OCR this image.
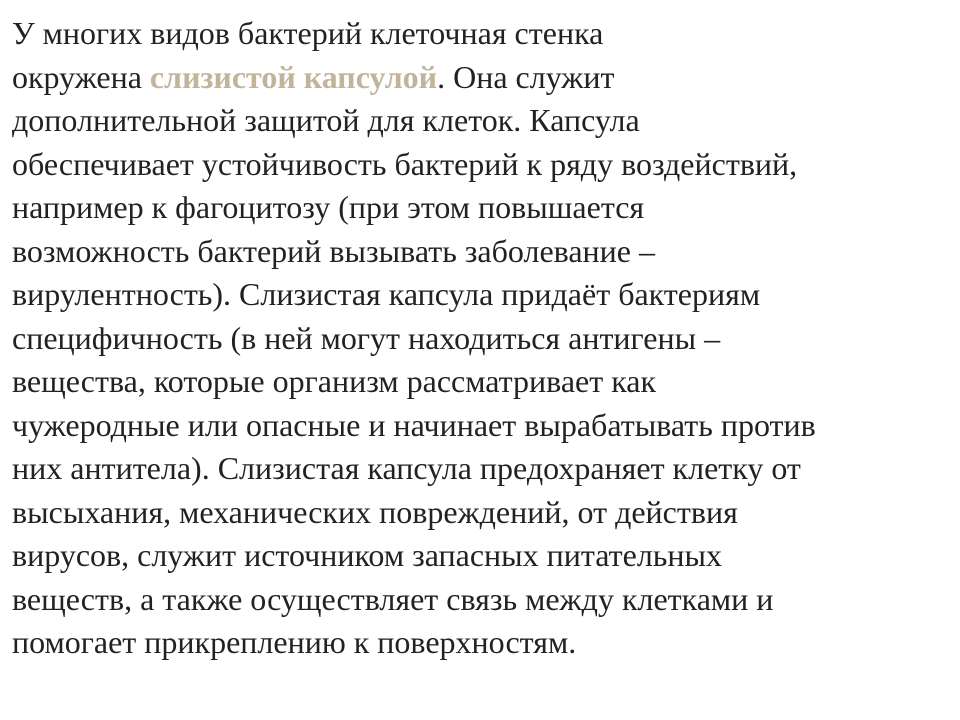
У многих видов бактерий клеточная стенка
окружена слизистой капсулой. Она служит
дополнительной защитой для клеток. Капсула
обеспечивает устойчивость бактерий к ряду воздействий,
например к фагоцитозу (при этом повышается
возможность бактерий вызывать заболевание –
вирулентность). Слизистая капсула придаёт бактериям
специфичность (в ней могут находиться антигены –
вещества, которые организм рассматривает как
чужеродные или опасные и начинает вырабатывать против
них антитела). Слизистая капсула предохраняет клетку от
высыхания, механических повреждений, от действия
вирусов, служит источником запасных питательных
веществ, а также осуществляет связь между клетками и
помогает прикреплению к поверхностям.
